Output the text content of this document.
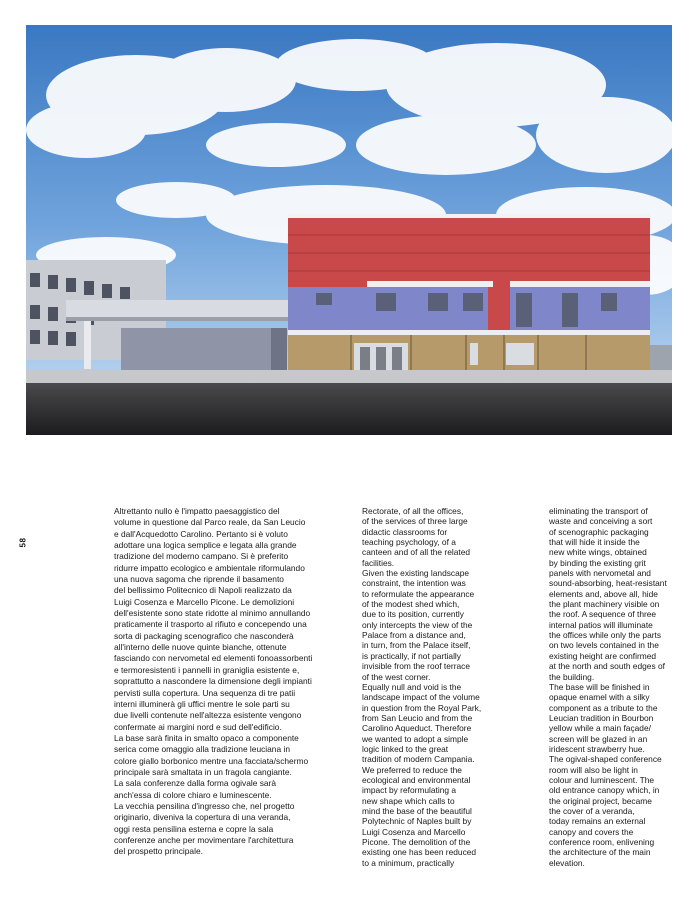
58

Altrettanto nullo è l'impatto paesaggistico del
volume in questione dal Parco reale, da San Leucio
e dall'Acquedotto Carolino. Pertanto si è voluto
adottare una logica semplice e legata alla grande
tradizione del moderno campano. Si è preferito
ridurre impatto ecologico e ambientale riformulando
una nuova sagoma che riprende il basamento
del bellissimo Politecnico di Napoli realizzato da
Luigi Cosenza e Marcello Picone. Le demolizioni
dell'esistente sono state ridotte al minimo annullando
praticamente il trasporto al rifiuto e concependo una
sorta di packaging scenografico che nasconderà
all'interno delle nuove quinte bianche, ottenute
fasciando con nervometal ed elementi fonoassorbenti
e termoresistenti i pannelli in graniglia esistente e,
soprattutto a nascondere la dimensione degli impianti
pervisti sulla copertura. Una sequenza di tre patii
interni illuminerà gli uffici mentre le sole parti su
due livelli contenute nell'altezza esistente vengono
confermate ai margini nord e sud dell'edificio.
La base sarà finita in smalto opaco a componente
serica come omaggio alla tradizione leuciana in
colore giallo borbonico mentre una facciata/schermo
principale sarà smaltata in un fragola cangiante.
La sala conferenze dalla forma ogivale sarà
anch'essa di colore chiaro e luminescente.
La vecchia pensilina d'ingresso che, nel progetto
originario, diveniva la copertura di una veranda,
oggi resta pensilina esterna e copre la sala
conferenze anche per movimentare l'architettura
del prospetto principale.

Rectorate, of all the offices,
of the services of three large
didactic classrooms for
teaching psychology, of a
canteen and of all the related
facilities.
Given the existing landscape
constraint, the intention was
to reformulate the appearance
of the modest shed which,
due to its position, currently
only intercepts the view of the
Palace from a distance and,
in turn, from the Palace itself,
is practically, if not partially
invisible from the roof terrace
of the west corner.
Equally null and void is the
landscape impact of the volume
in question from the Royal Park,
from San Leucio and from the
Carolino Aqueduct. Therefore
we wanted to adopt a simple
logic linked to the great
tradition of modern Campania.
We preferred to reduce the
ecological and environmental
impact by reformulating a
new shape which calls to
mind the base of the beautiful
Polytechnic of Naples built by
Luigi Cosenza and Marcello
Picone. The demolition of the
existing one has been reduced
to a minimum, practically

eliminating the transport of
waste and conceiving a sort
of scenographic packaging
that will hide it inside the
new white wings, obtained
by binding the existing grit
panels with nervometal and
sound-absorbing, heat-resistant
elements and, above all, hide
the plant machinery visible on
the roof. A sequence of three
internal patios will illuminate
the offices while only the parts
on two levels contained in the
existing height are confirmed
at the north and south edges of
the building.
The base will be finished in
opaque enamel with a silky
component as a tribute to the
Leucian tradition in Bourbon
yellow while a main façade/
screen will be glazed in an
iridescent strawberry hue.
The ogival-shaped conference
room will also be light in
colour and luminescent. The
old entrance canopy which, in
the original project, became
the cover of a veranda,
today remains an external
canopy and covers the
conference room, enlivening
the architecture of the main
elevation.
